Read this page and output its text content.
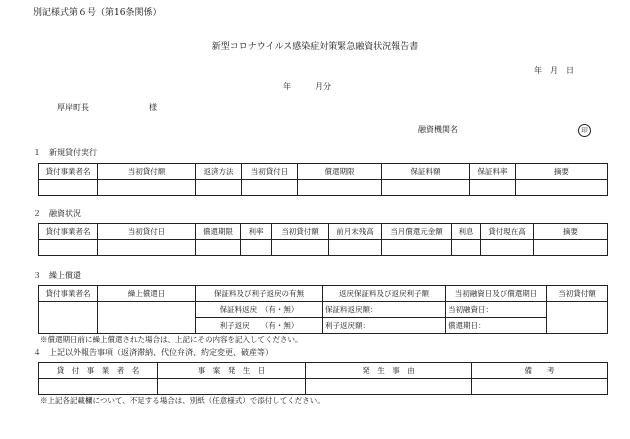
別記様式第６号（第16条関係）
新型コロナウイルス感染症対策緊急融資状況報告書
年　月　日
年　　　月分
厚岸町長	様
融資機関名	印
１　新規貸付実行
貸付事業者名	当初貸付額	返済方法	当初貸付日	償還期限	保証料額	保証料率	摘要

２　融資状況
貸付事業者名	当初貸付日	償還期限	利率	当初貸付額	前月末残高	当月償還元金額	利息	貸付現在高	摘要

３　繰上償還
貸付事業者名	繰上償還日	保証料及び利子返戻の有無	返戻保証料及び返戻利子額	当初融資日及び償還期日	当初貸付額
		保証料返戻　（有・無）	保証料返戻額：	当初融資日：	
		利子返戻　　（有・無）	利子返戻額：	償還期日：	
※償還期日前に繰上償還された場合は、上記にその内容を記入してください。
４　上記以外報告事項（返済滞納、代位弁済、約定変更、破産等）
貸　付　事　業　者　名	事　案　発　生　日	発　生　事　由	備　　考

※上記各記載欄について、不足する場合は、別紙（任意様式）で添付してください。
